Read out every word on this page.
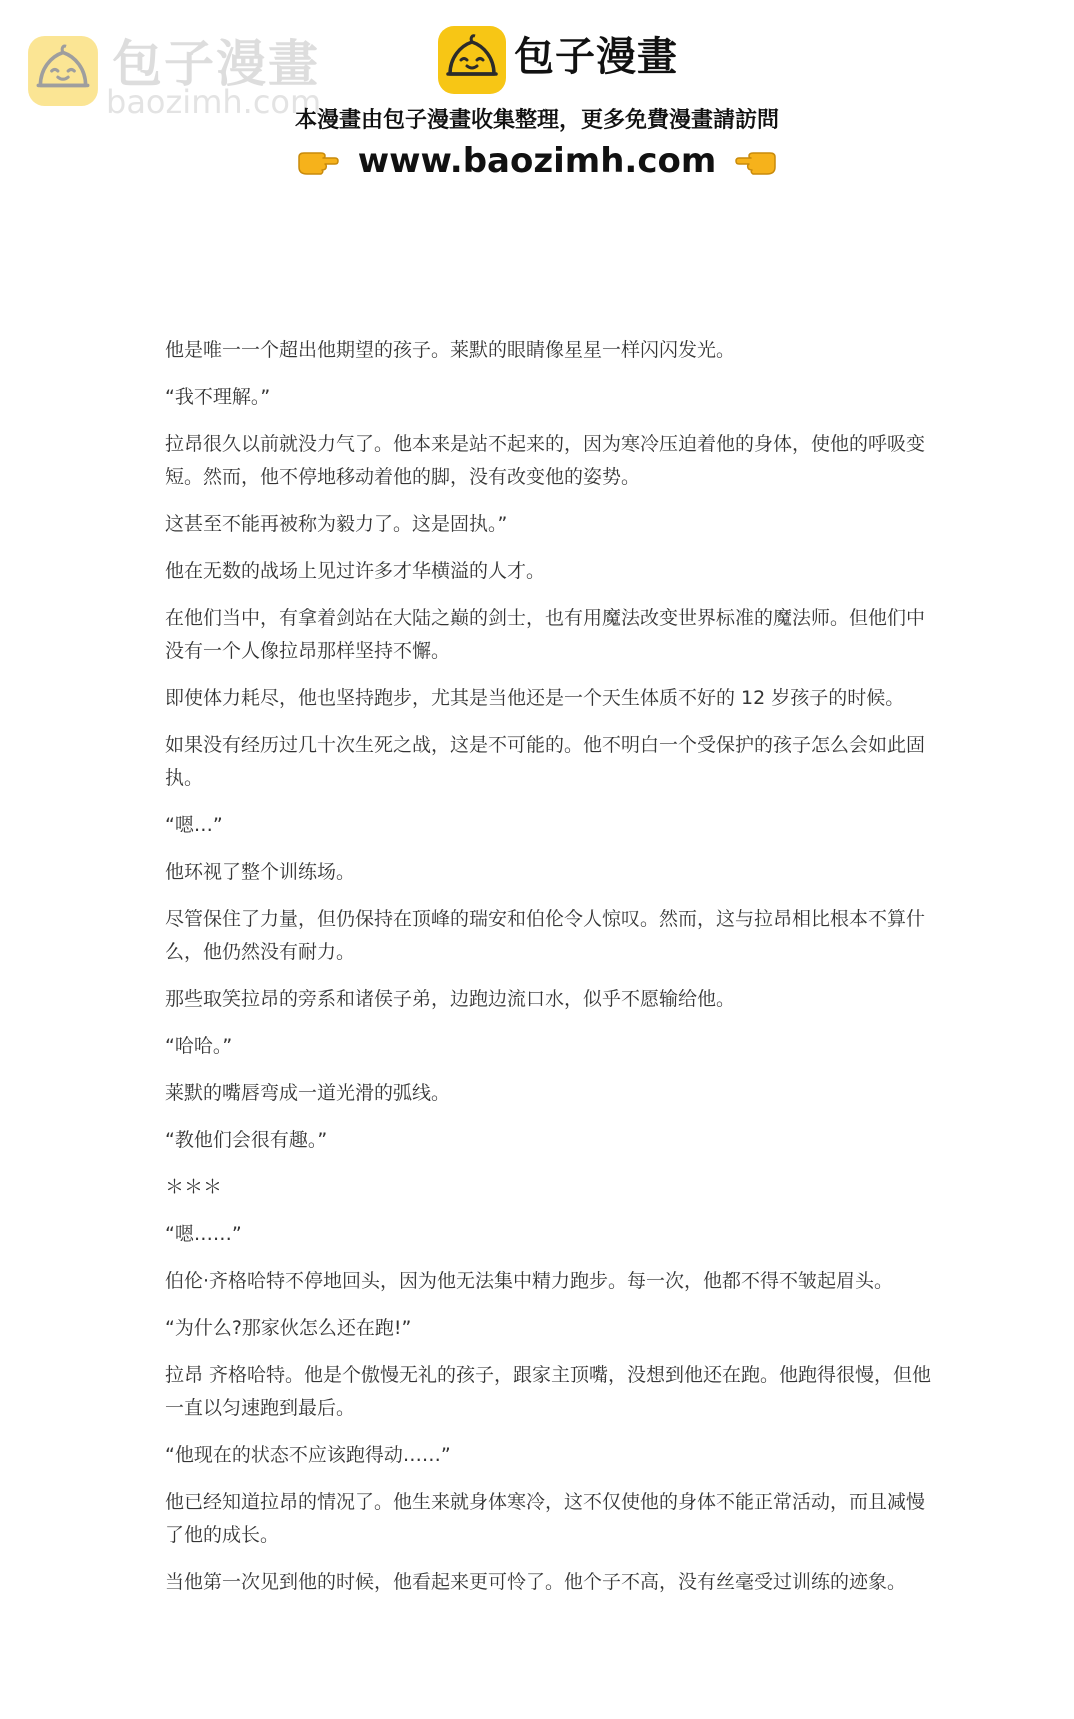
包子漫畫
baozimh.com
包子漫畫
本漫畫由包子漫畫收集整理，更多免費漫畫請訪問
www.baozimh.com

他是唯一一个超出他期望的孩子。莱默的眼睛像星星一样闪闪发光。

“我不理解。”

拉昂很久以前就没力气了。他本来是站不起来的，因为寒冷压迫着他的身体，使他的呼吸变短。然而，他不停地移动着他的脚，没有改变他的姿势。

这甚至不能再被称为毅力了。这是固执。”

他在无数的战场上见过许多才华横溢的人才。

在他们当中，有拿着剑站在大陆之巅的剑士，也有用魔法改变世界标准的魔法师。但他们中没有一个人像拉昂那样坚持不懈。

即使体力耗尽，他也坚持跑步，尤其是当他还是一个天生体质不好的 12 岁孩子的时候。

如果没有经历过几十次生死之战，这是不可能的。他不明白一个受保护的孩子怎么会如此固执。

“嗯…”

他环视了整个训练场。

尽管保住了力量，但仍保持在顶峰的瑞安和伯伦令人惊叹。然而，这与拉昂相比根本不算什么，他仍然没有耐力。

那些取笑拉昂的旁系和诸侯子弟，边跑边流口水，似乎不愿输给他。

“哈哈。”

莱默的嘴唇弯成一道光滑的弧线。

“教他们会很有趣。”

＊＊＊

“嗯……”

伯伦·齐格哈特不停地回头，因为他无法集中精力跑步。每一次，他都不得不皱起眉头。

“为什么?那家伙怎么还在跑!”

拉昂 齐格哈特。他是个傲慢无礼的孩子，跟家主顶嘴，没想到他还在跑。他跑得很慢，但他一直以匀速跑到最后。

“他现在的状态不应该跑得动……”

他已经知道拉昂的情况了。他生来就身体寒冷，这不仅使他的身体不能正常活动，而且减慢了他的成长。

当他第一次见到他的时候，他看起来更可怜了。他个子不高，没有丝毫受过训练的迹象。
